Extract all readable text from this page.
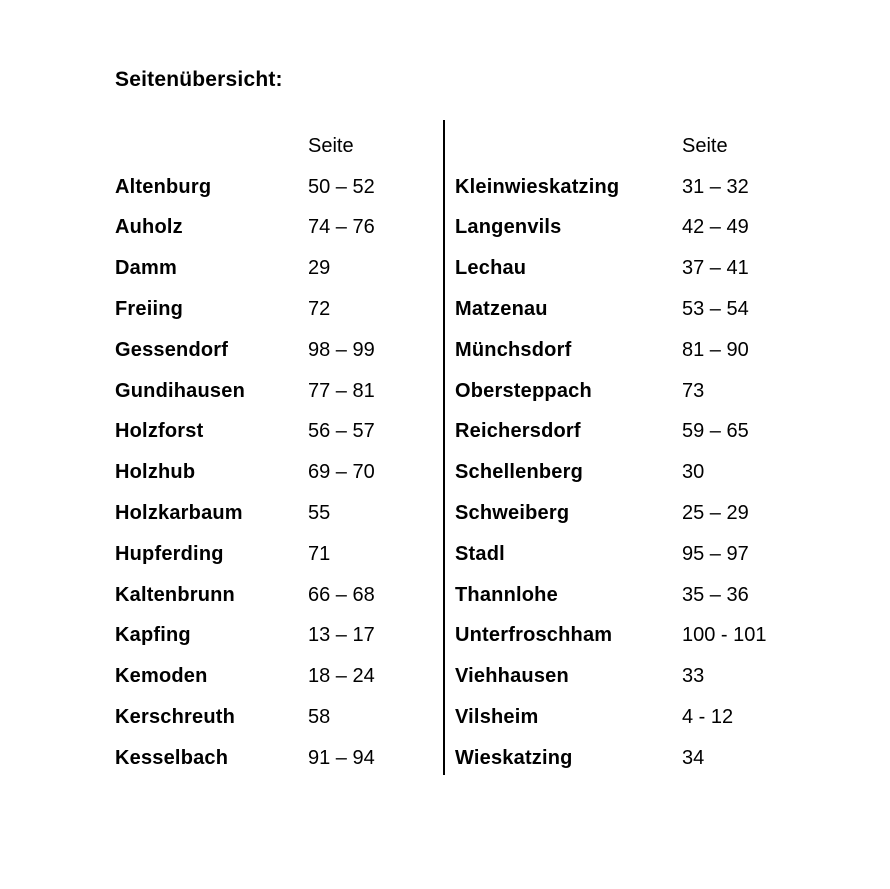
Seitenübersicht:
Seite
Altenburg	50 – 52
Auholz	74 – 76
Damm	29
Freiing	72
Gessendorf	98 – 99
Gundihausen	77 – 81
Holzforst	56 – 57
Holzhub	69 – 70
Holzkarbaum	55
Hupferding	71
Kaltenbrunn	66 – 68
Kapfing	13 – 17
Kemoden	18 – 24
Kerschreuth	58
Kesselbach	91 – 94
Seite
Kleinwieskatzing	31 – 32
Langenvils	42 – 49
Lechau	37 – 41
Matzenau	53 – 54
Münchsdorf	81 – 90
Obersteppach	73
Reichersdorf	59 – 65
Schellenberg	30
Schweiberg	25 – 29
Stadl	95 – 97
Thannlohe	35 – 36
Unterfroschham	100 - 101
Viehhausen	33
Vilsheim	4 - 12
Wieskatzing	34
